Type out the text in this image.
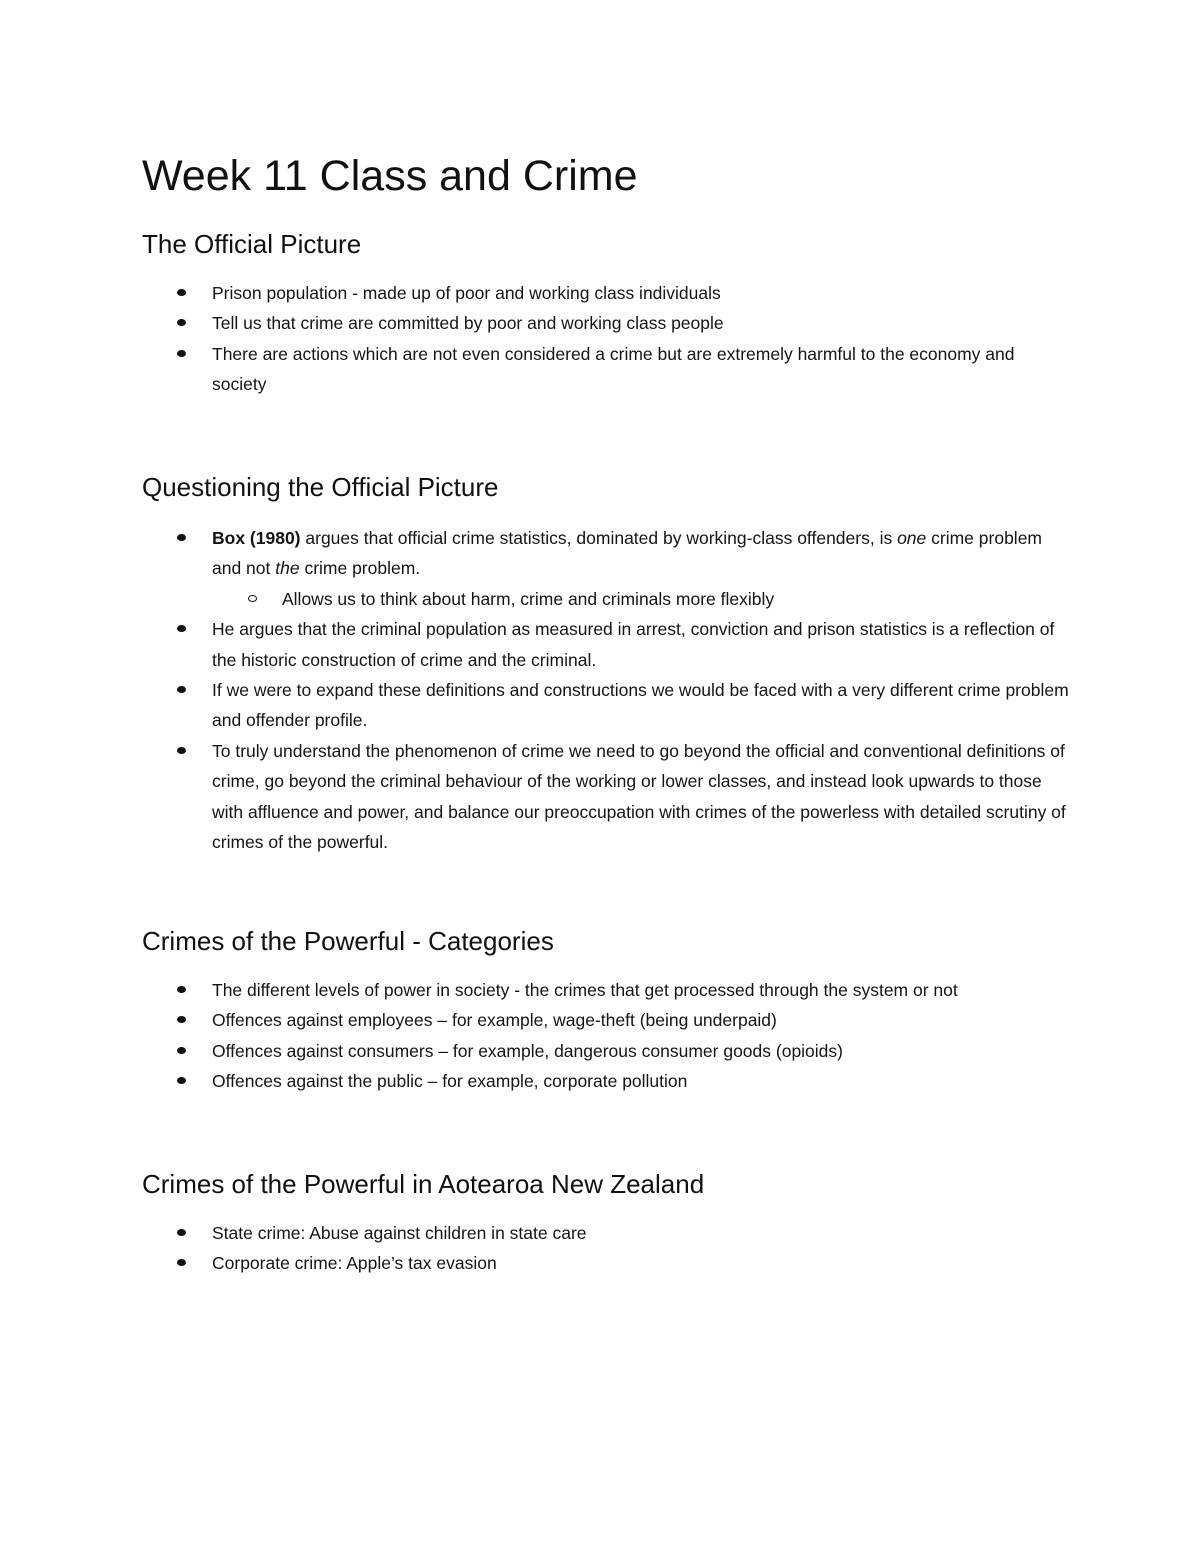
Week 11 Class and Crime
The Official Picture
Prison population - made up of poor and working class individuals
Tell us that crime are committed by poor and working class people
There are actions which are not even considered a crime but are extremely harmful to the economy and society
Questioning the Official Picture
Box (1980) argues that official crime statistics, dominated by working-class offenders, is one crime problem and not the crime problem.
Allows us to think about harm, crime and criminals more flexibly
He argues that the criminal population as measured in arrest, conviction and prison statistics is a reflection of the historic construction of crime and the criminal.
If we were to expand these definitions and constructions we would be faced with a very different crime problem and offender profile.
To truly understand the phenomenon of crime we need to go beyond the official and conventional definitions of crime, go beyond the criminal behaviour of the working or lower classes, and instead look upwards to those with affluence and power, and balance our preoccupation with crimes of the powerless with detailed scrutiny of crimes of the powerful.
Crimes of the Powerful - Categories
The different levels of power in society - the crimes that get processed through the system or not
Offences against employees – for example, wage-theft (being underpaid)
Offences against consumers – for example, dangerous consumer goods (opioids)
Offences against the public – for example, corporate pollution
Crimes of the Powerful in Aotearoa New Zealand
State crime: Abuse against children in state care
Corporate crime: Apple’s tax evasion
